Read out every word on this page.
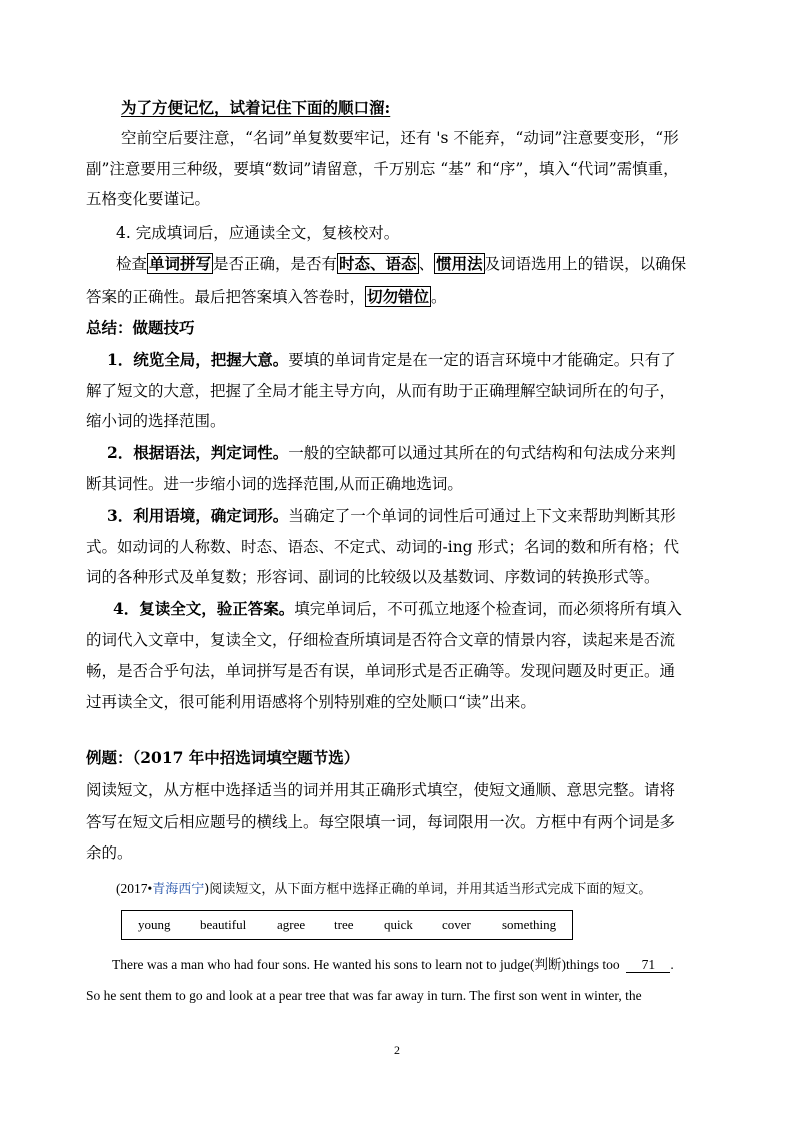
为了方便记忆，试着记住下面的顺口溜:
空前空后要注意，“名词”单复数要牢记，还有 's 不能弃，“动词”注意要变形，“形
副”注意要用三种级，要填“数词”请留意，千万别忘 “基” 和“序”，填入“代词”需慎重，
五格变化要谨记。
4. 完成填词后，应通读全文，复核校对。
检查 单词拼写 是否正确，是否有 时态、语态 、 惯用法 及词语选用上的错误，以确保
答案的正确性。最后把答案填入答卷时， 切勿错位 。
总结：做题技巧
1．统览全局，把握大意。要填的单词肯定是在一定的语言环境中才能确定。只有了
解了短文的大意，把握了全局才能主导方向，从而有助于正确理解空缺词所在的句子，
缩小词的选择范围。
2．根据语法，判定词性。一般的空缺都可以通过其所在的句式结构和句法成分来判
断其词性。进一步缩小词的选择范围,从而正确地选词。
3．利用语境，确定词形。当确定了一个单词的词性后可通过上下文来帮助判断其形
式。如动词的人称数、时态、语态、不定式、动词的-ing 形式；名词的数和所有格；代
词的各种形式及单复数；形容词、副词的比较级以及基数词、序数词的转换形式等。
4．复读全文，验正答案。填完单词后，不可孤立地逐个检查词，而必须将所有填入
的词代入文章中，复读全文，仔细检查所填词是否符合文章的情景内容，读起来是否流
畅，是否合乎句法，单词拼写是否有误，单词形式是否正确等。发现问题及时更正。通
过再读全文，很可能利用语感将个别特别难的空处顺口“读”出来。
例题：（2017 年中招选词填空题节选）
阅读短文，从方框中选择适当的词并用其正确形式填空，使短文通顺、意思完整。请将
答写在短文后相应题号的横线上。每空限填一词，每词限用一次。方框中有两个词是多
余的。
(2017•青海西宁)阅读短文，从下面方框中选择正确的单词，并用其适当形式完成下面的短文。
young	beautiful	agree	tree	quick	cover	something
There was a man who had four sons. He wanted his sons to learn not to judge(判断)things too 71 .
So he sent them to go and look at a pear tree that was far away in turn. The first son went in winter, the
2
